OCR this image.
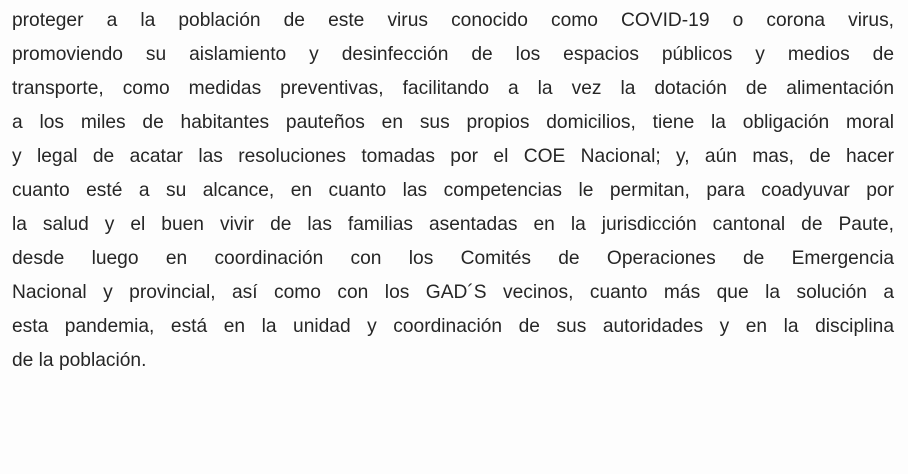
proteger a la población de este virus conocido como COVID-19 o corona virus,
promoviendo su aislamiento y desinfección de los espacios públicos y medios de
transporte, como medidas preventivas, facilitando a la vez la dotación de alimentación
a los miles de habitantes pauteños en sus propios domicilios, tiene la obligación moral
y legal de acatar las resoluciones tomadas por el COE Nacional; y, aún mas, de hacer
cuanto esté a su alcance, en cuanto las competencias le permitan, para coadyuvar por
la salud y el buen vivir de las familias asentadas en la jurisdicción cantonal de Paute,
desde luego en coordinación con los Comités de Operaciones de Emergencia
Nacional y provincial, así como con los GAD´S vecinos, cuanto más que la solución a
esta pandemia, está en la unidad y coordinación de sus autoridades y en la disciplina
de la población.
